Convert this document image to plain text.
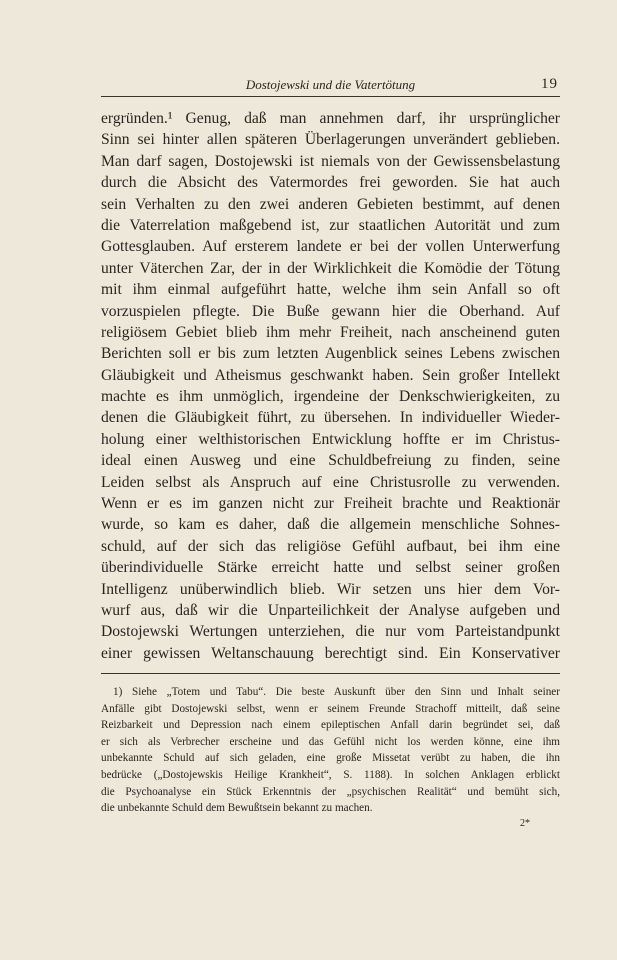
Dostojewski und die Vatertötung	19
ergründen.¹ Genug, daß man annehmen darf, ihr ursprünglicher
Sinn sei hinter allen späteren Überlagerungen unverändert geblieben.
Man darf sagen, Dostojewski ist niemals von der Gewissensbelastung
durch die Absicht des Vatermordes frei geworden. Sie hat auch
sein Verhalten zu den zwei anderen Gebieten bestimmt, auf denen
die Vaterrelation maßgebend ist, zur staatlichen Autorität und zum
Gottesglauben. Auf ersterem landete er bei der vollen Unterwerfung
unter Väterchen Zar, der in der Wirklichkeit die Komödie der Tötung
mit ihm einmal aufgeführt hatte, welche ihm sein Anfall so oft
vorzuspielen pflegte. Die Buße gewann hier die Oberhand. Auf
religiösem Gebiet blieb ihm mehr Freiheit, nach anscheinend guten
Berichten soll er bis zum letzten Augenblick seines Lebens zwischen
Gläubigkeit und Atheismus geschwankt haben. Sein großer Intellekt
machte es ihm unmöglich, irgendeine der Denkschwierigkeiten, zu
denen die Gläubigkeit führt, zu übersehen. In individueller Wieder-
holung einer welthistorischen Entwicklung hoffte er im Christus-
ideal einen Ausweg und eine Schuldbefreiung zu finden, seine
Leiden selbst als Anspruch auf eine Christusrolle zu verwenden.
Wenn er es im ganzen nicht zur Freiheit brachte und Reaktionär
wurde, so kam es daher, daß die allgemein menschliche Sohnes-
schuld, auf der sich das religiöse Gefühl aufbaut, bei ihm eine
überindividuelle Stärke erreicht hatte und selbst seiner großen
Intelligenz unüberwindlich blieb. Wir setzen uns hier dem Vor-
wurf aus, daß wir die Unparteilichkeit der Analyse aufgeben und
Dostojewski Wertungen unterziehen, die nur vom Parteistandpunkt
einer gewissen Weltanschauung berechtigt sind. Ein Konservativer
1) Siehe „Totem und Tabu“. Die beste Auskunft über den Sinn und Inhalt seiner
Anfälle gibt Dostojewski selbst, wenn er seinem Freunde Strachoff mitteilt, daß seine
Reizbarkeit und Depression nach einem epileptischen Anfall darin begründet sei, daß
er sich als Verbrecher erscheine und das Gefühl nicht los werden könne, eine ihm
unbekannte Schuld auf sich geladen, eine große Missetat verübt zu haben, die ihn
bedrücke („Dostojewskis Heilige Krankheit“, S. 1188). In solchen Anklagen erblickt
die Psychoanalyse ein Stück Erkenntnis der „psychischen Realität“ und bemüht sich,
die unbekannte Schuld dem Bewußtsein bekannt zu machen.
2*
